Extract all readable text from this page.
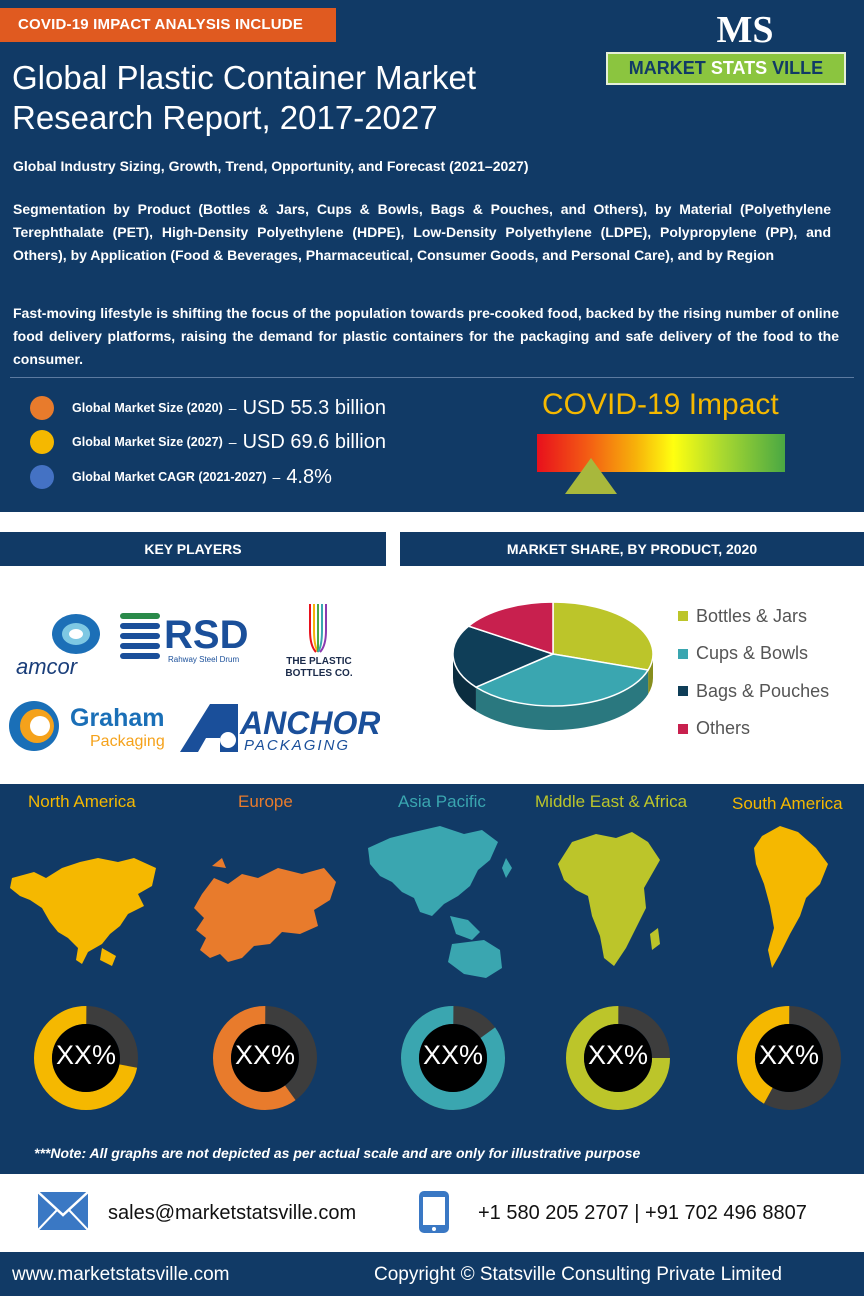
COVID-19 IMPACT ANALYSIS INCLUDE
Global Plastic Container Market
Research Report, 2017-2027
MS
MARKET STATS VILLE
Global Industry Sizing, Growth, Trend, Opportunity, and Forecast (2021–2027)
Segmentation by Product (Bottles & Jars, Cups & Bowls, Bags & Pouches, and Others), by Material (Polyethylene Terephthalate (PET), High-Density Polyethylene (HDPE), Low-Density Polyethylene (LDPE), Polypropylene (PP), and Others), by Application (Food & Beverages, Pharmaceutical, Consumer Goods, and Personal Care), and by Region
Fast-moving lifestyle is shifting the focus of the population towards pre-cooked food, backed by the rising number of online food delivery platforms, raising the demand for plastic containers for the packaging and safe delivery of the food to the consumer.
Global Market Size (2020) – USD 55.3 billion
Global Market Size (2027) – USD 69.6 billion
Global Market CAGR (2021-2027) – 4.8%
COVID-19 Impact
KEY PLAYERS	MARKET SHARE, BY PRODUCT, 2020
amcor
RSD
Rahway Steel Drum	THE PLASTIC
BOTTLES CO.
Graham
Packaging
ANCHOR
PACKAGING
Bottles & Jars
Cups & Bowls
Bags & Pouches
Others
North America	Europe	Asia Pacific	Middle East & Africa	South America
XX%	XX%	XX%	XX%	XX%
***Note: All graphs are not depicted as per actual scale and are only for illustrative purpose
sales@marketstatsville.com	+1 580 205 2707 | +91 702 496 8807
www.marketstatsville.com	Copyright © Statsville Consulting Private Limited
